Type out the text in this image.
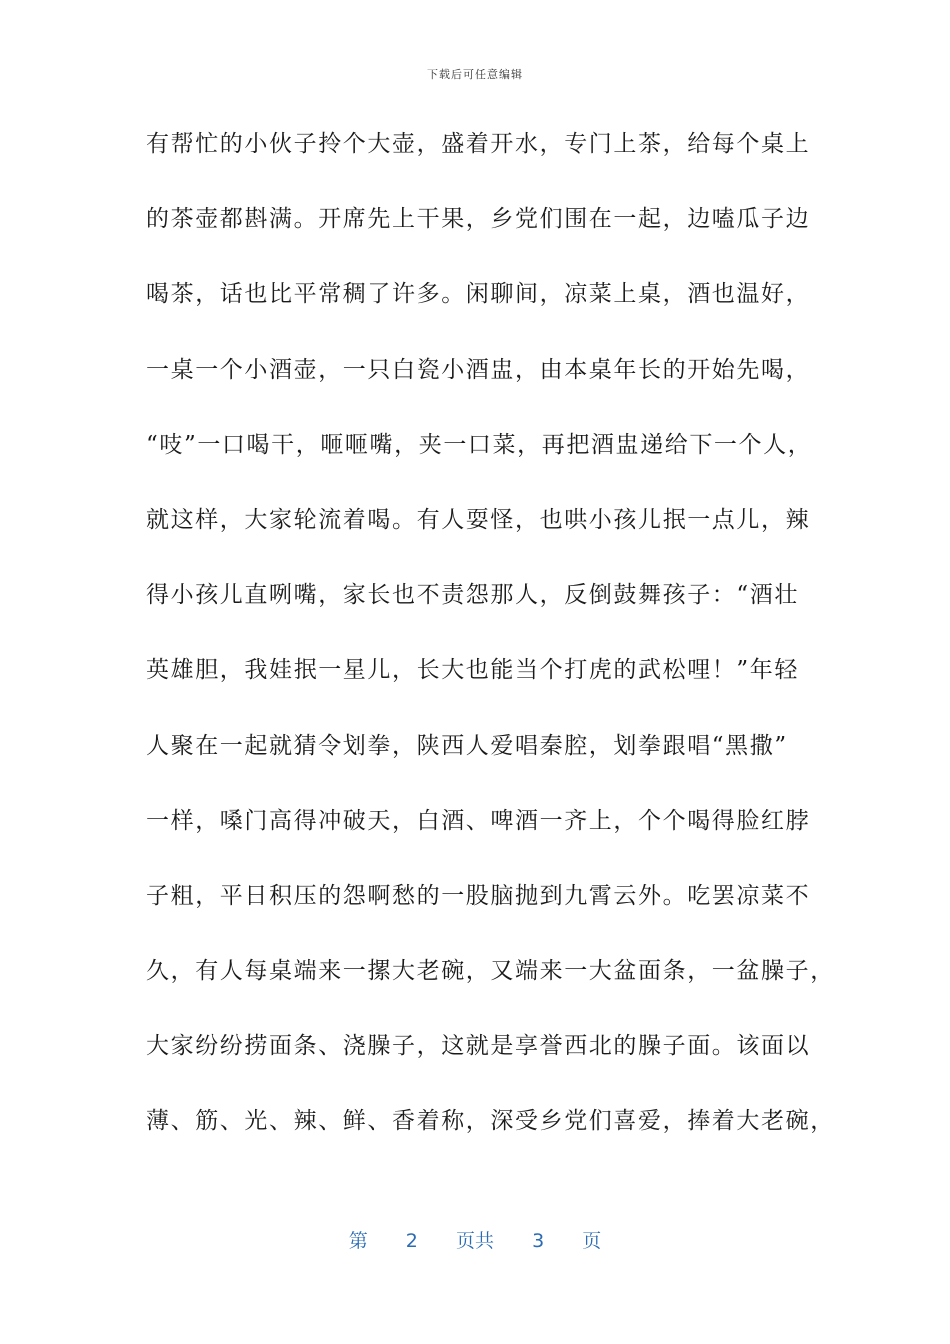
下载后可任意编辑
有帮忙的小伙子拎个大壶，盛着开水，专门上茶，给每个桌上
的茶壶都斟满。开席先上干果，乡党们围在一起，边嗑瓜子边
喝茶，话也比平常稠了许多。闲聊间，凉菜上桌，酒也温好，
一桌一个小酒壶，一只白瓷小酒盅，由本桌年长的开始先喝，
“吱”一口喝干，咂咂嘴，夹一口菜，再把酒盅递给下一个人，
就这样，大家轮流着喝。有人耍怪，也哄小孩儿抿一点儿，辣
得小孩儿直咧嘴，家长也不责怨那人，反倒鼓舞孩子：“酒壮
英雄胆，我娃抿一星儿，长大也能当个打虎的武松哩！”年轻
人聚在一起就猜令划拳，陕西人爱唱秦腔，划拳跟唱“黑撒”
一样，嗓门高得冲破天，白酒、啤酒一齐上，个个喝得脸红脖
子粗，平日积压的怨啊愁的一股脑抛到九霄云外。吃罢凉菜不
久，有人每桌端来一摞大老碗，又端来一大盆面条，一盆臊子，
大家纷纷捞面条、浇臊子，这就是享誉西北的臊子面。该面以
薄、筋、光、辣、鲜、香着称，深受乡党们喜爱，捧着大老碗，
第 2 页共 3 页
